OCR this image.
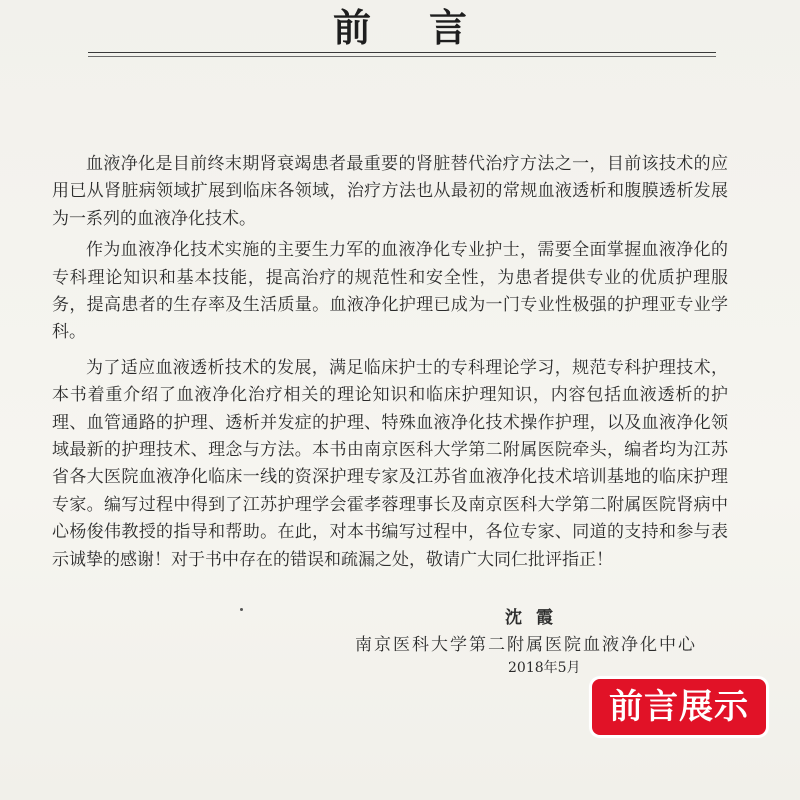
前言

血液净化是目前终末期肾衰竭患者最重要的肾脏替代治疗方法之一，目前该技术的应用已从肾脏病领域扩展到临床各领域，治疗方法也从最初的常规血液透析和腹膜透析发展为一系列的血液净化技术。

作为血液净化技术实施的主要生力军的血液净化专业护士，需要全面掌握血液净化的专科理论知识和基本技能，提高治疗的规范性和安全性，为患者提供专业的优质护理服务，提高患者的生存率及生活质量。血液净化护理已成为一门专业性极强的护理亚专业学科。

为了适应血液透析技术的发展，满足临床护士的专科理论学习，规范专科护理技术，本书着重介绍了血液净化治疗相关的理论知识和临床护理知识，内容包括血液透析的护理、血管通路的护理、透析并发症的护理、特殊血液净化技术操作护理，以及血液净化领域最新的护理技术、理念与方法。本书由南京医科大学第二附属医院牵头，编者均为江苏省各大医院血液净化临床一线的资深护理专家及江苏省血液净化技术培训基地的临床护理专家。编写过程中得到了江苏护理学会霍孝蓉理事长及南京医科大学第二附属医院肾病中心杨俊伟教授的指导和帮助。在此，对本书编写过程中，各位专家、同道的支持和参与表示诚挚的感谢！对于书中存在的错误和疏漏之处，敬请广大同仁批评指正！

沈霞
南京医科大学第二附属医院血液净化中心
2018年5月
前言展示
